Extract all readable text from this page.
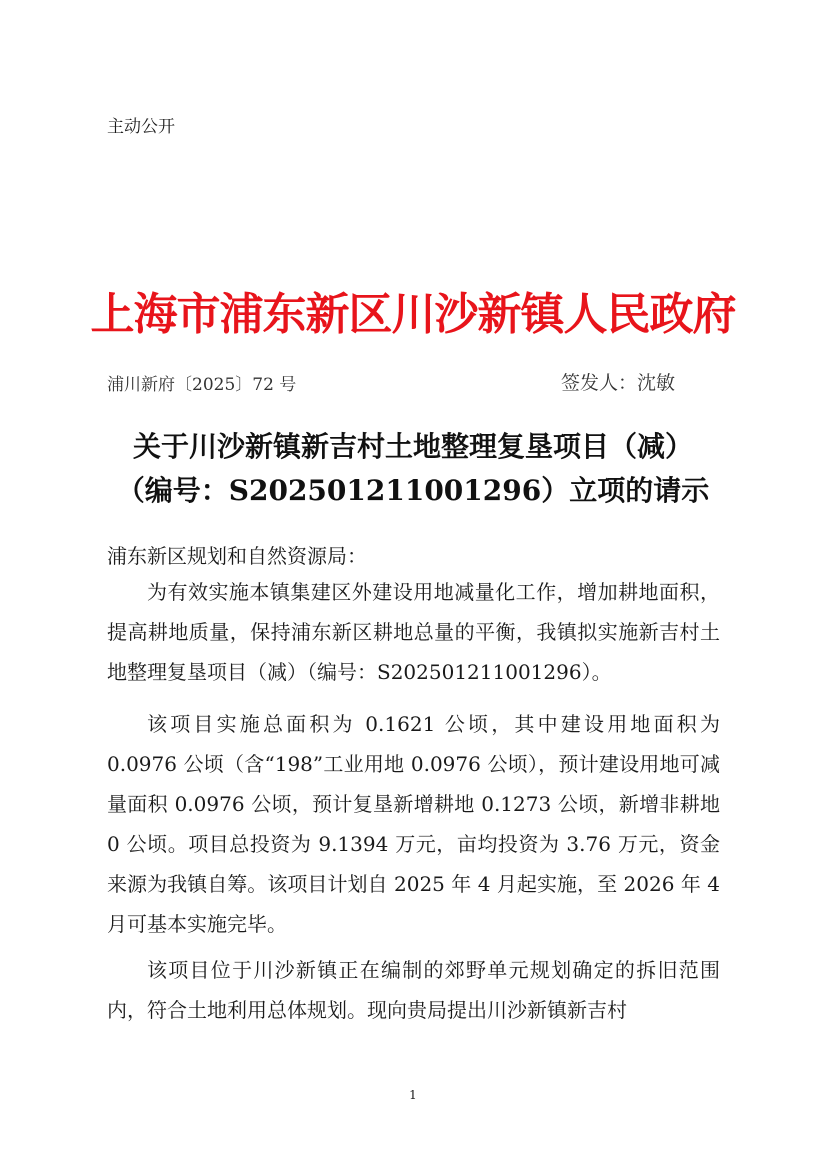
主动公开
上海市浦东新区川沙新镇人民政府
浦川新府〔2025〕72 号	签发人：沈敏
关于川沙新镇新吉村土地整理复垦项目（减）
（编号：S202501211001296）立项的请示
浦东新区规划和自然资源局：
为有效实施本镇集建区外建设用地减量化工作，增加耕地面积，提高耕地质量，保持浦东新区耕地总量的平衡，我镇拟实施新吉村土地整理复垦项目（减）（编号：S202501211001296）。
该项目实施总面积为 0.1621 公顷，其中建设用地面积为 0.0976 公顷（含“198”工业用地 0.0976 公顷），预计建设用地可减量面积 0.0976 公顷，预计复垦新增耕地 0.1273 公顷，新增非耕地 0 公顷。项目总投资为 9.1394 万元，亩均投资为 3.76 万元，资金来源为我镇自筹。该项目计划自 2025 年 4 月起实施，至 2026 年 4 月可基本实施完毕。
该项目位于川沙新镇正在编制的郊野单元规划确定的拆旧范围内，符合土地利用总体规划。现向贵局提出川沙新镇新吉村
1
